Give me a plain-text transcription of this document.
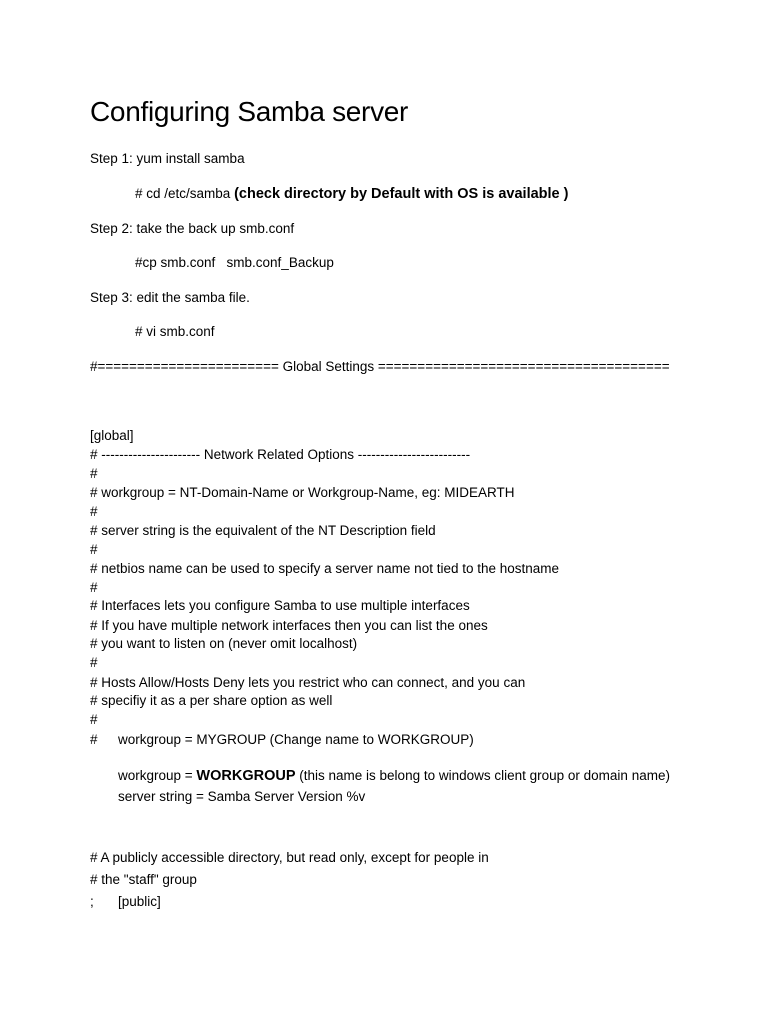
Configuring Samba server
Step 1: yum install samba
# cd /etc/samba (check directory by Default with OS is available )
Step 2: take the back up smb.conf
#cp smb.conf   smb.conf_Backup
Step 3: edit the samba file.
# vi smb.conf
#======================= Global Settings =====================================
[global]
# ---------------------- Network Related Options -------------------------
#
# workgroup = NT-Domain-Name or Workgroup-Name, eg: MIDEARTH
#
# server string is the equivalent of the NT Description field
#
# netbios name can be used to specify a server name not tied to the hostname
#
# Interfaces lets you configure Samba to use multiple interfaces
# If you have multiple network interfaces then you can list the ones
# you want to listen on (never omit localhost)
#
# Hosts Allow/Hosts Deny lets you restrict who can connect, and you can
# specifiy it as a per share option as well
#
# workgroup = MYGROUP (Change name to WORKGROUP)
workgroup = WORKGROUP (this name is belong to windows client group or domain name)
server string = Samba Server Version %v
# A publicly accessible directory, but read only, except for people in
# the "staff" group
; [public]
